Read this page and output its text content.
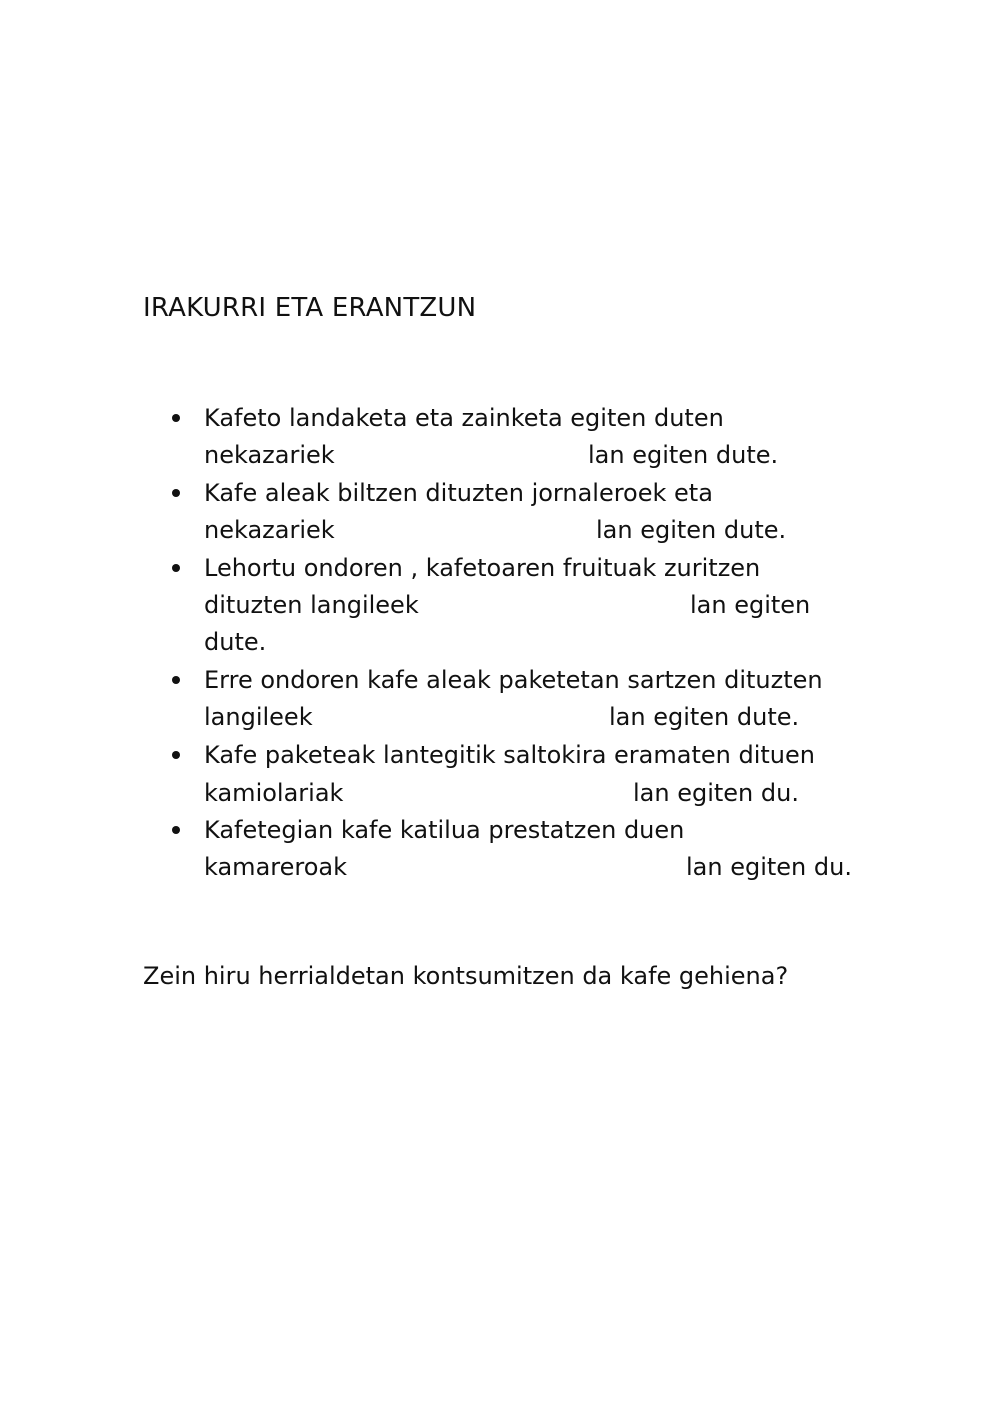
IRAKURRI ETA ERANTZUN
Kafeto landaketa eta zainketa egiten duten
nekazariek	lan egiten dute.
Kafe aleak biltzen dituzten jornaleroek eta
nekazariek	lan egiten dute.
Lehortu ondoren , kafetoaren fruituak zuritzen
dituzten langileek	lan egiten
dute.
Erre ondoren kafe aleak paketetan sartzen dituzten
langileek	lan egiten dute.
Kafe paketeak lantegitik saltokira eramaten dituen
kamiolariak	lan egiten du.
Kafetegian kafe katilua prestatzen duen
kamareroak	lan egiten du.
Zein hiru herrialdetan kontsumitzen da kafe gehiena?
